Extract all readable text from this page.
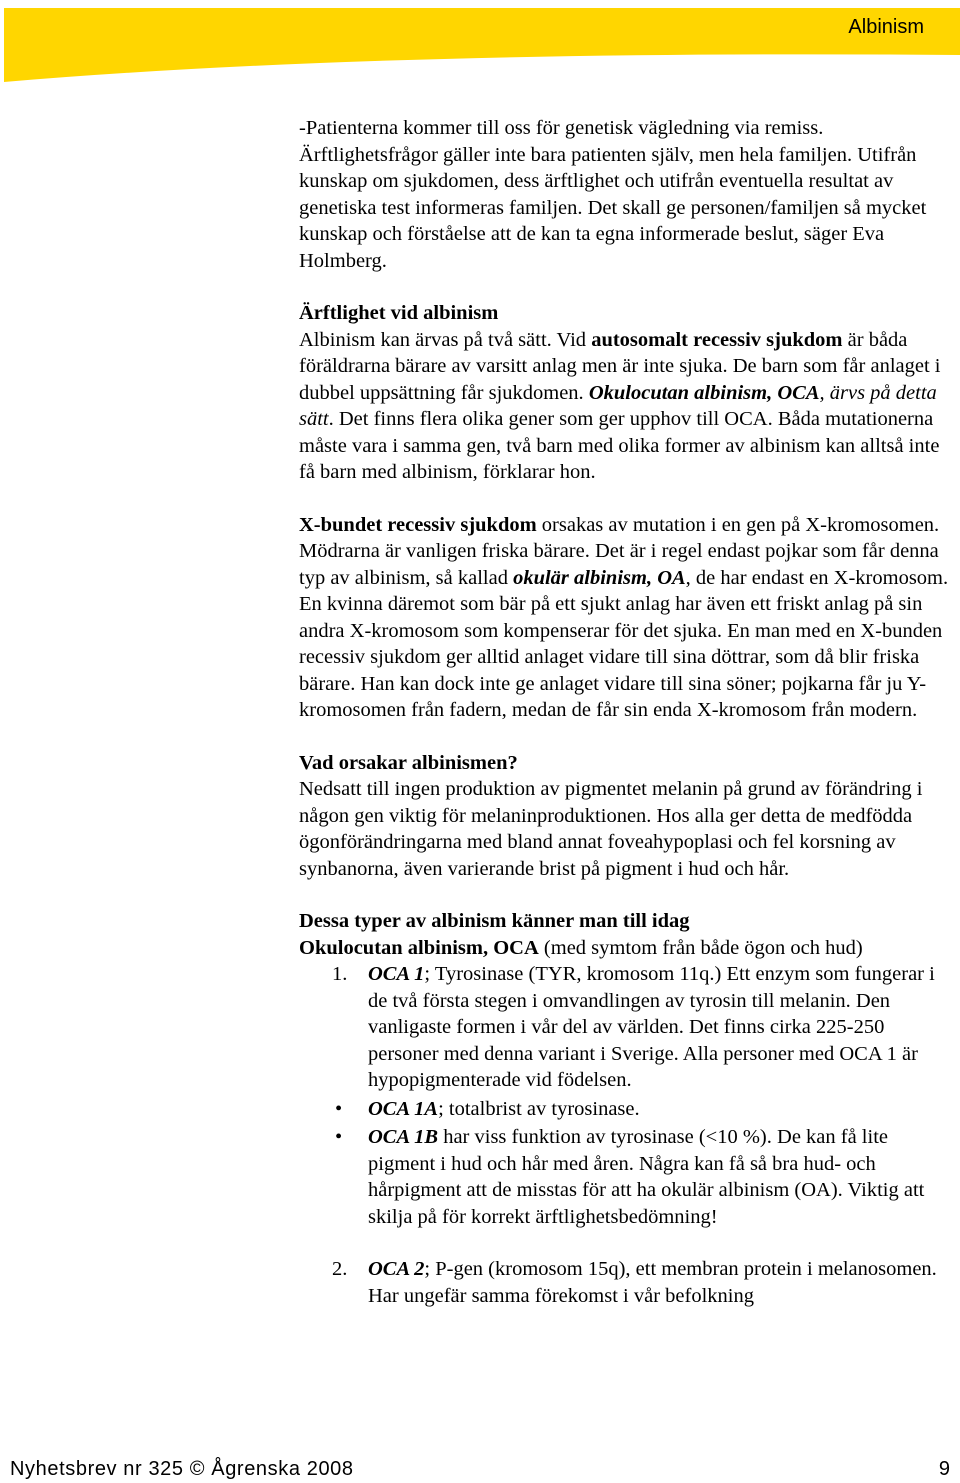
Albinism

-Patienterna kommer till oss för genetisk vägledning via remiss. Ärftlighetsfrågor gäller inte bara patienten själv, men hela familjen. Utifrån kunskap om sjukdomen, dess ärftlighet och utifrån eventuella resultat av genetiska test informeras familjen. Det skall ge personen/familjen så mycket kunskap och förståelse att de kan ta egna informerade beslut, säger Eva Holmberg.

Ärftlighet vid albinism

Albinism kan ärvas på två sätt. Vid autosomalt recessiv sjukdom är båda föräldrarna bärare av varsitt anlag men är inte sjuka. De barn som får anlaget i dubbel uppsättning får sjukdomen. Okulocutan albinism, OCA, ärvs på detta sätt. Det finns flera olika gener som ger upphov till OCA. Båda mutationerna måste vara i samma gen, två barn med olika former av albinism kan alltså inte få barn med albinism, förklarar hon.

X-bundet recessiv sjukdom orsakas av mutation i en gen på X-kromosomen. Mödrarna är vanligen friska bärare. Det är i regel endast pojkar som får denna typ av albinism, så kallad okulär albinism, OA, de har endast en X-kromosom. En kvinna däremot som bär på ett sjukt anlag har även ett friskt anlag på sin andra X-kromosom som kompenserar för det sjuka. En man med en X-bunden recessiv sjukdom ger alltid anlaget vidare till sina döttrar, som då blir friska bärare. Han kan dock inte ge anlaget vidare till sina söner; pojkarna får ju Y-kromosomen från fadern, medan de får sin enda X-kromosom från modern.

Vad orsakar albinismen?

Nedsatt till ingen produktion av pigmentet melanin på grund av förändring i någon gen viktig för melaninproduktionen. Hos alla ger detta de medfödda ögonförändringarna med bland annat foveahypoplasi och fel korsning av synbanorna, även varierande brist på pigment i hud och hår.

Dessa typer av albinism känner man till idag

Okulocutan albinism, OCA (med symtom från både ögon och hud)

1. OCA 1; Tyrosinase (TYR, kromosom 11q.) Ett enzym som fungerar i de två första stegen i omvandlingen av tyrosin till melanin. Den vanligaste formen i vår del av världen. Det finns cirka 225-250 personer med denna variant i Sverige. Alla personer med OCA 1 är hypopigmenterade vid födelsen.
• OCA 1A; totalbrist av tyrosinase.
• OCA 1B har viss funktion av tyrosinase (<10 %). De kan få lite pigment i hud och hår med åren. Några kan få så bra hud- och hårpigment att de misstas för att ha okulär albinism (OA). Viktig att skilja på för korrekt ärftlighetsbedömning!
2. OCA 2; P-gen (kromosom 15q), ett membran protein i melanosomen. Har ungefär samma förekomst i vår befolkning
Nyhetsbrev nr 325 © Ågrenska 2008	9
